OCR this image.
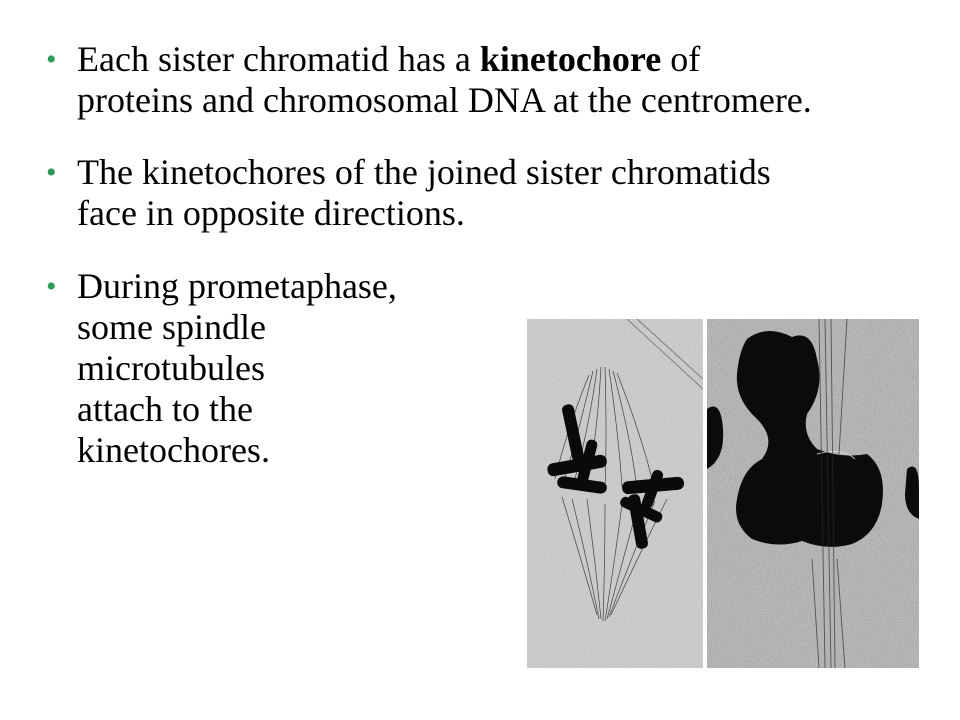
• Each sister chromatid has a kinetochore of
proteins and chromosomal DNA at the centromere.
• The kinetochores of the joined sister chromatids
face in opposite directions.
• During prometaphase,
some spindle
microtubules
attach to the
kinetochores.
